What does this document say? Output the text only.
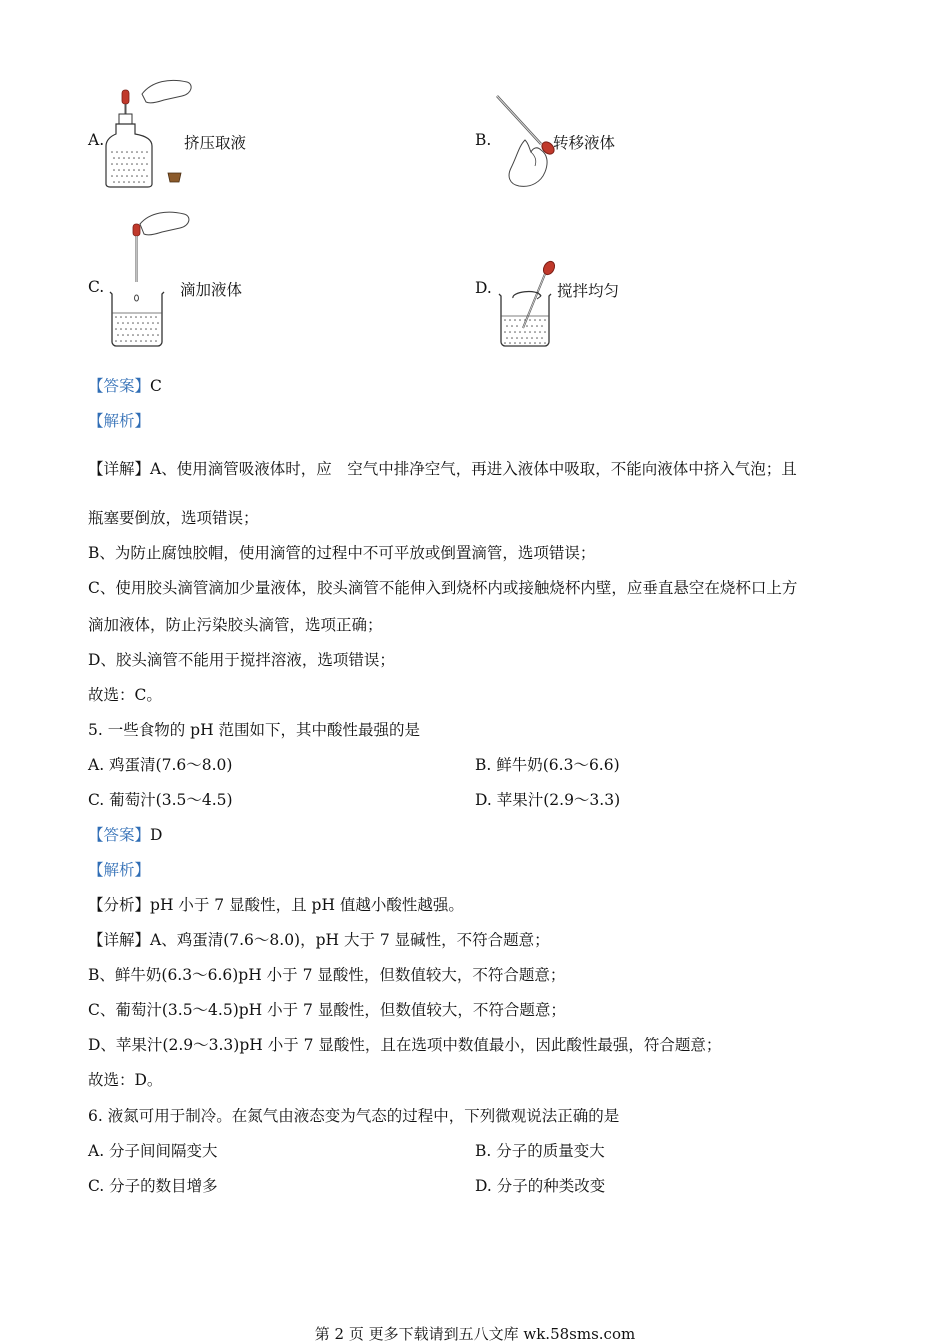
A.	挤压取液	B.	转移液体
C.	滴加液体	D.	搅拌均匀
【答案】C
【解析】
【详解】A、使用滴管吸液体时，应　空气中排净空气，再进入液体中吸取，不能向液体中挤入气泡；且
瓶塞要倒放，选项错误；
B、为防止腐蚀胶帽，使用滴管的过程中不可平放或倒置滴管，选项错误；
C、使用胶头滴管滴加少量液体，胶头滴管不能伸入到烧杯内或接触烧杯内壁，应垂直悬空在烧杯口上方
滴加液体，防止污染胶头滴管，选项正确；
D、胶头滴管不能用于搅拌溶液，选项错误；
故选：C。
5. 一些食物的 pH 范围如下，其中酸性最强的是
A. 鸡蛋清(7.6～8.0)	B. 鲜牛奶(6.3～6.6)
C. 葡萄汁(3.5～4.5)	D. 苹果汁(2.9～3.3)
【答案】D
【解析】
【分析】pH 小于 7 显酸性，且 pH 值越小酸性越强。
【详解】A、鸡蛋清(7.6～8.0)，pH 大于 7 显碱性，不符合题意；
B、鲜牛奶(6.3～6.6)pH 小于 7 显酸性，但数值较大，不符合题意；
C、葡萄汁(3.5～4.5)pH 小于 7 显酸性，但数值较大，不符合题意；
D、苹果汁(2.9～3.3)pH 小于 7 显酸性，且在选项中数值最小，因此酸性最强，符合题意；
故选：D。
6. 液氮可用于制冷。在氮气由液态变为气态的过程中，下列微观说法正确的是
A. 分子间间隔变大	B. 分子的质量变大
C. 分子的数目增多	D. 分子的种类改变
第 2 页 更多下载请到五八文库 wk.58sms.com
